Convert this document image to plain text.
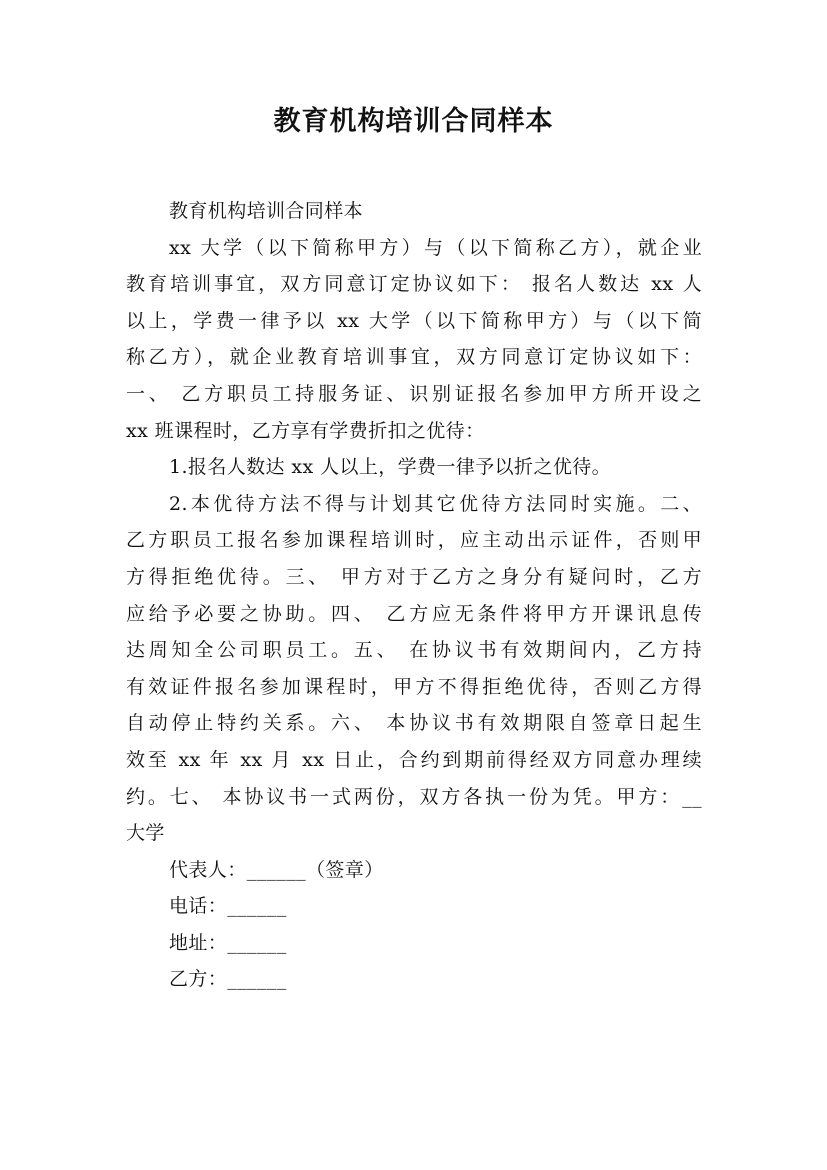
教育机构培训合同样本
教育机构培训合同样本
xx 大学（以下简称甲方）与（以下简称乙方），就企业
教育培训事宜，双方同意订定协议如下： 报名人数达 xx 人
以上，学费一律予以 xx 大学（以下简称甲方）与（以下简
称乙方），就企业教育培训事宜，双方同意订定协议如下：
一、 乙方职员工持服务证、识别证报名参加甲方所开设之
xx 班课程时，乙方享有学费折扣之优待：
1.报名人数达 xx 人以上，学费一律予以折之优待。
2.本优待方法不得与计划其它优待方法同时实施。二、
乙方职员工报名参加课程培训时，应主动出示证件，否则甲
方得拒绝优待。三、 甲方对于乙方之身分有疑问时，乙方
应给予必要之协助。四、 乙方应无条件将甲方开课讯息传
达周知全公司职员工。五、 在协议书有效期间内，乙方持
有效证件报名参加课程时，甲方不得拒绝优待，否则乙方得
自动停止特约关系。六、 本协议书有效期限自签章日起生
效至 xx 年 xx 月 xx 日止，合约到期前得经双方同意办理续
约。七、 本协议书一式两份，双方各执一份为凭。甲方：__
大学
代表人：______（签章）
电话：______
地址：______
乙方：______
